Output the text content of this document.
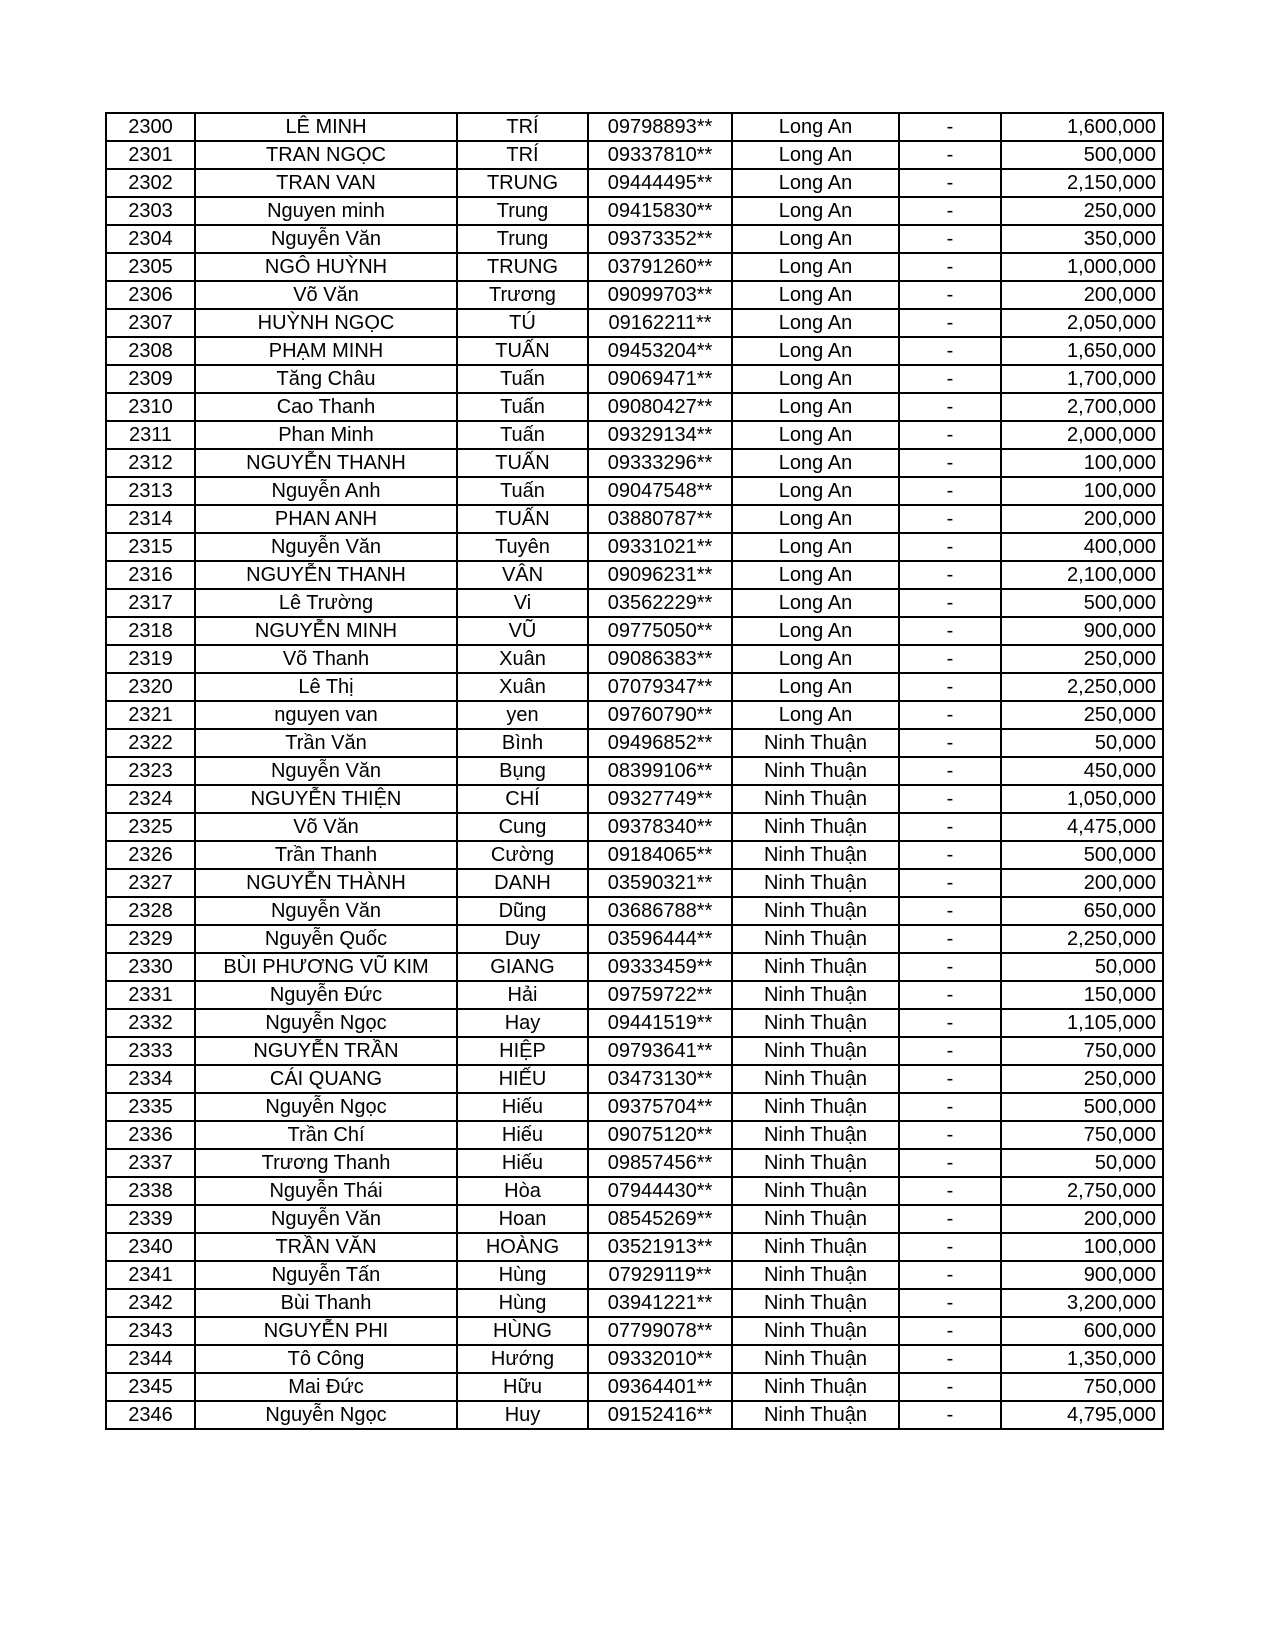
2300	LÊ MINH	TRÍ	09798893**	Long An	-	1,600,000
2301	TRAN NGỌC	TRÍ	09337810**	Long An	-	500,000
2302	TRAN VAN	TRUNG	09444495**	Long An	-	2,150,000
2303	Nguyen minh	Trung	09415830**	Long An	-	250,000
2304	Nguyễn Văn	Trung	09373352**	Long An	-	350,000
2305	NGÔ HUỲNH	TRUNG	03791260**	Long An	-	1,000,000
2306	Võ Văn	Trương	09099703**	Long An	-	200,000
2307	HUỲNH NGỌC	TÚ	09162211**	Long An	-	2,050,000
2308	PHẠM MINH	TUẤN	09453204**	Long An	-	1,650,000
2309	Tăng Châu	Tuấn	09069471**	Long An	-	1,700,000
2310	Cao Thanh	Tuấn	09080427**	Long An	-	2,700,000
2311	Phan Minh	Tuấn	09329134**	Long An	-	2,000,000
2312	NGUYỄN THANH	TUẤN	09333296**	Long An	-	100,000
2313	Nguyễn Anh	Tuấn	09047548**	Long An	-	100,000
2314	PHAN ANH	TUẤN	03880787**	Long An	-	200,000
2315	Nguyễn Văn	Tuyên	09331021**	Long An	-	400,000
2316	NGUYỄN THANH	VÂN	09096231**	Long An	-	2,100,000
2317	Lê Trường	Vi	03562229**	Long An	-	500,000
2318	NGUYỄN MINH	VŨ	09775050**	Long An	-	900,000
2319	Võ Thanh	Xuân	09086383**	Long An	-	250,000
2320	Lê Thị	Xuân	07079347**	Long An	-	2,250,000
2321	nguyen van	yen	09760790**	Long An	-	250,000
2322	Trần Văn	Bình	09496852**	Ninh Thuận	-	50,000
2323	Nguyễn Văn	Bụng	08399106**	Ninh Thuận	-	450,000
2324	NGUYỄN THIỆN	CHÍ	09327749**	Ninh Thuận	-	1,050,000
2325	Võ Văn	Cung	09378340**	Ninh Thuận	-	4,475,000
2326	Trần Thanh	Cường	09184065**	Ninh Thuận	-	500,000
2327	NGUYỄN THÀNH	DANH	03590321**	Ninh Thuận	-	200,000
2328	Nguyễn Văn	Dũng	03686788**	Ninh Thuận	-	650,000
2329	Nguyễn Quốc	Duy	03596444**	Ninh Thuận	-	2,250,000
2330	BÙI PHƯƠNG VŨ KIM	GIANG	09333459**	Ninh Thuận	-	50,000
2331	Nguyễn Đức	Hải	09759722**	Ninh Thuận	-	150,000
2332	Nguyễn Ngọc	Hay	09441519**	Ninh Thuận	-	1,105,000
2333	NGUYỄN TRẦN	HIỆP	09793641**	Ninh Thuận	-	750,000
2334	CÁI QUANG	HIẾU	03473130**	Ninh Thuận	-	250,000
2335	Nguyễn Ngọc	Hiếu	09375704**	Ninh Thuận	-	500,000
2336	Trần Chí	Hiếu	09075120**	Ninh Thuận	-	750,000
2337	Trương Thanh	Hiếu	09857456**	Ninh Thuận	-	50,000
2338	Nguyễn Thái	Hòa	07944430**	Ninh Thuận	-	2,750,000
2339	Nguyễn Văn	Hoan	08545269**	Ninh Thuận	-	200,000
2340	TRẦN VĂN	HOÀNG	03521913**	Ninh Thuận	-	100,000
2341	Nguyễn Tấn	Hùng	07929119**	Ninh Thuận	-	900,000
2342	Bùi Thanh	Hùng	03941221**	Ninh Thuận	-	3,200,000
2343	NGUYỄN PHI	HÙNG	07799078**	Ninh Thuận	-	600,000
2344	Tô Công	Hướng	09332010**	Ninh Thuận	-	1,350,000
2345	Mai Đức	Hữu	09364401**	Ninh Thuận	-	750,000
2346	Nguyễn Ngọc	Huy	09152416**	Ninh Thuận	-	4,795,000
